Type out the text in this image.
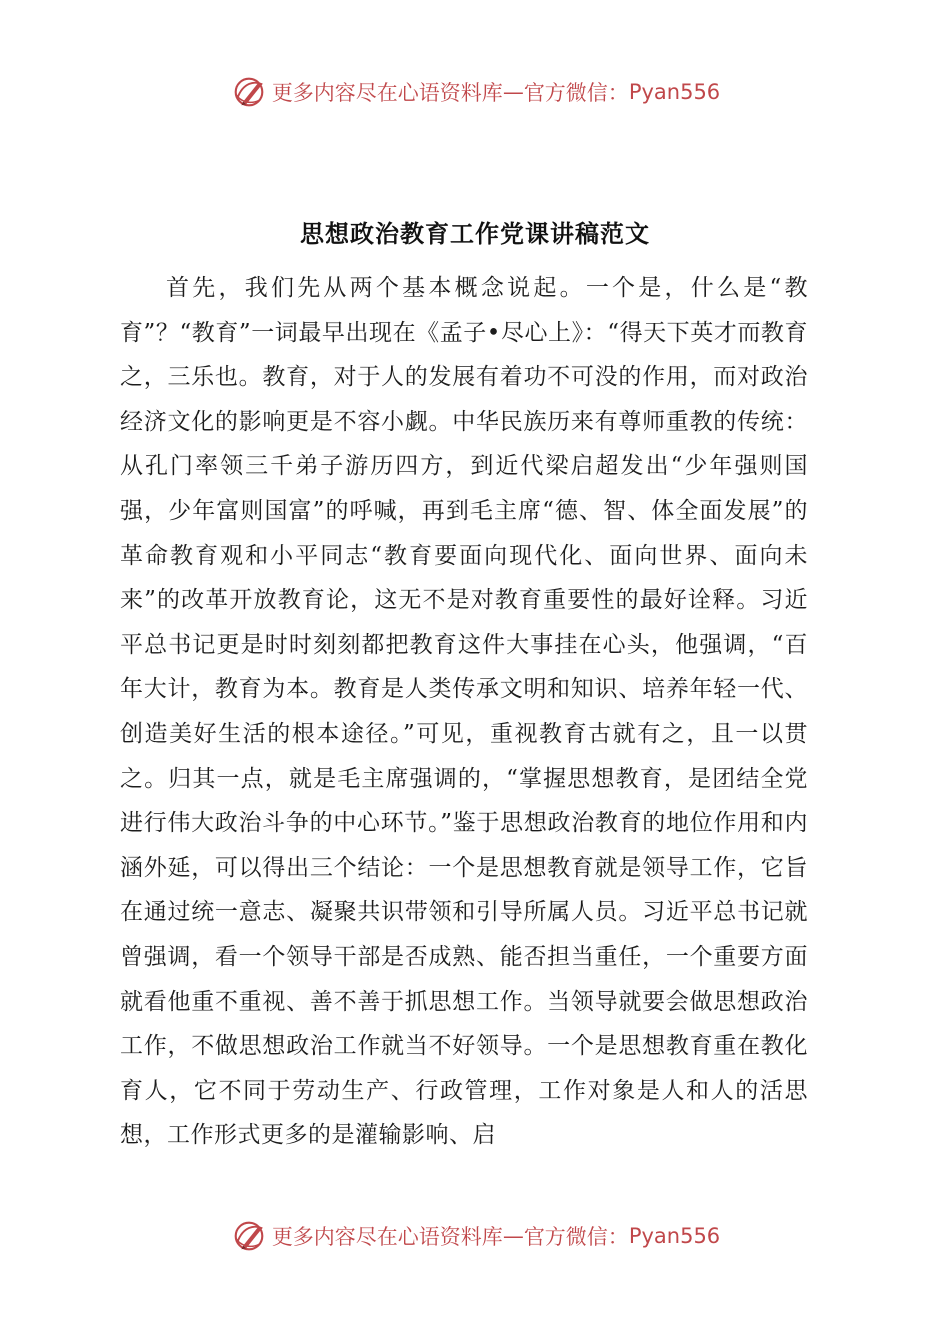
更多内容尽在心语资料库 — 官方微信： Pyan556
思想政治教育工作党课讲稿范文

首先，我们先从两个基本概念说起。一个是，什么是“教育”？“教育”一词最早出现在《孟子•尽心上》：“得天下英才而教育之，三乐也。教育，对于人的发展有着功不可没的作用，而对政治经济文化的影响更是不容小觑。中华民族历来有尊师重教的传统：从孔门率领三千弟子游历四方，到近代梁启超发出“少年强则国强，少年富则国富”的呼喊，再到毛主席“德、智、体全面发展”的革命教育观和小平同志“教育要面向现代化、面向世界、面向未来”的改革开放教育论，这无不是对教育重要性的最好诠释。习近平总书记更是时时刻刻都把教育这件大事挂在心头，他强调，“百年大计，教育为本。教育是人类传承文明和知识、培养年轻一代、创造美好生活的根本途径。”可见，重视教育古就有之，且一以贯之。归其一点，就是毛主席强调的，“掌握思想教育，是团结全党进行伟大政治斗争的中心环节。”鉴于思想政治教育的地位作用和内涵外延，可以得出三个结论：一个是思想教育就是领导工作，它旨在通过统一意志、凝聚共识带领和引导所属人员。习近平总书记就曾强调，看一个领导干部是否成熟、能否担当重任，一个重要方面就看他重不重视、善不善于抓思想工作。当领导就要会做思想政治工作，不做思想政治工作就当不好领导。一个是思想教育重在教化育人，它不同于劳动生产、行政管理，工作对象是人和人的活思想，工作形式更多的是灌输影响、启

更多内容尽在心语资料库 — 官方微信： Pyan556
